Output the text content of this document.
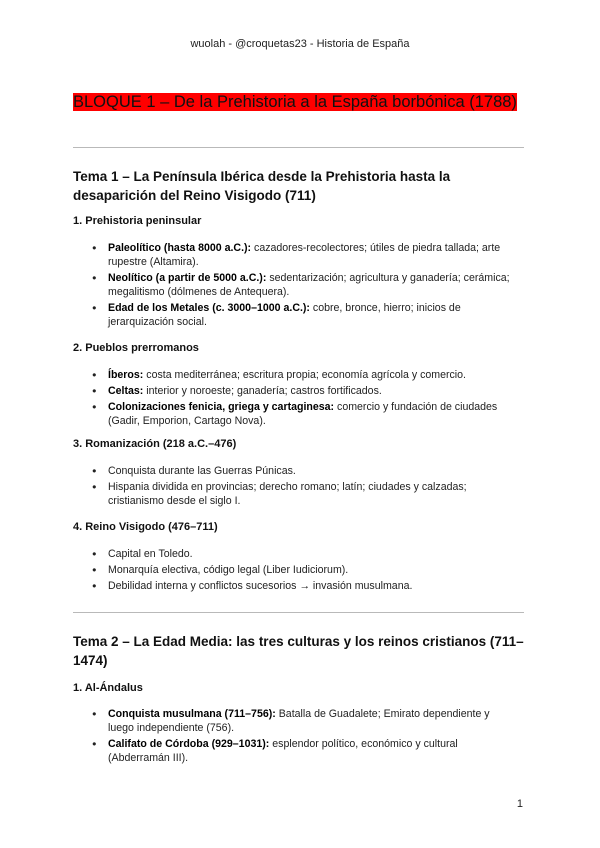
wuolah - @croquetas23 - Historia de España
BLOQUE 1 – De la Prehistoria a la España borbónica (1788)
Tema 1 – La Península Ibérica desde la Prehistoria hasta la desaparición del Reino Visigodo (711)
1. Prehistoria peninsular
● Paleolítico (hasta 8000 a.C.): cazadores-recolectores; útiles de piedra tallada; arte rupestre (Altamira).
● Neolítico (a partir de 5000 a.C.): sedentarización; agricultura y ganadería; cerámica; megalitismo (dólmenes de Antequera).
● Edad de los Metales (c. 3000–1000 a.C.): cobre, bronce, hierro; inicios de jerarquización social.
2. Pueblos prerromanos
● Íberos: costa mediterránea; escritura propia; economía agrícola y comercio.
● Celtas: interior y noroeste; ganadería; castros fortificados.
● Colonizaciones fenicia, griega y cartaginesa: comercio y fundación de ciudades (Gadir, Emporion, Cartago Nova).
3. Romanización (218 a.C.–476)
● Conquista durante las Guerras Púnicas.
● Hispania dividida en provincias; derecho romano; latín; ciudades y calzadas; cristianismo desde el siglo I.
4. Reino Visigodo (476–711)
● Capital en Toledo.
● Monarquía electiva, código legal (Liber Iudiciorum).
● Debilidad interna y conflictos sucesorios → invasión musulmana.
Tema 2 – La Edad Media: las tres culturas y los reinos cristianos (711–1474)
1. Al-Ándalus
● Conquista musulmana (711–756): Batalla de Guadalete; Emirato dependiente y luego independiente (756).
● Califato de Córdoba (929–1031): esplendor político, económico y cultural (Abderramán III).
1
